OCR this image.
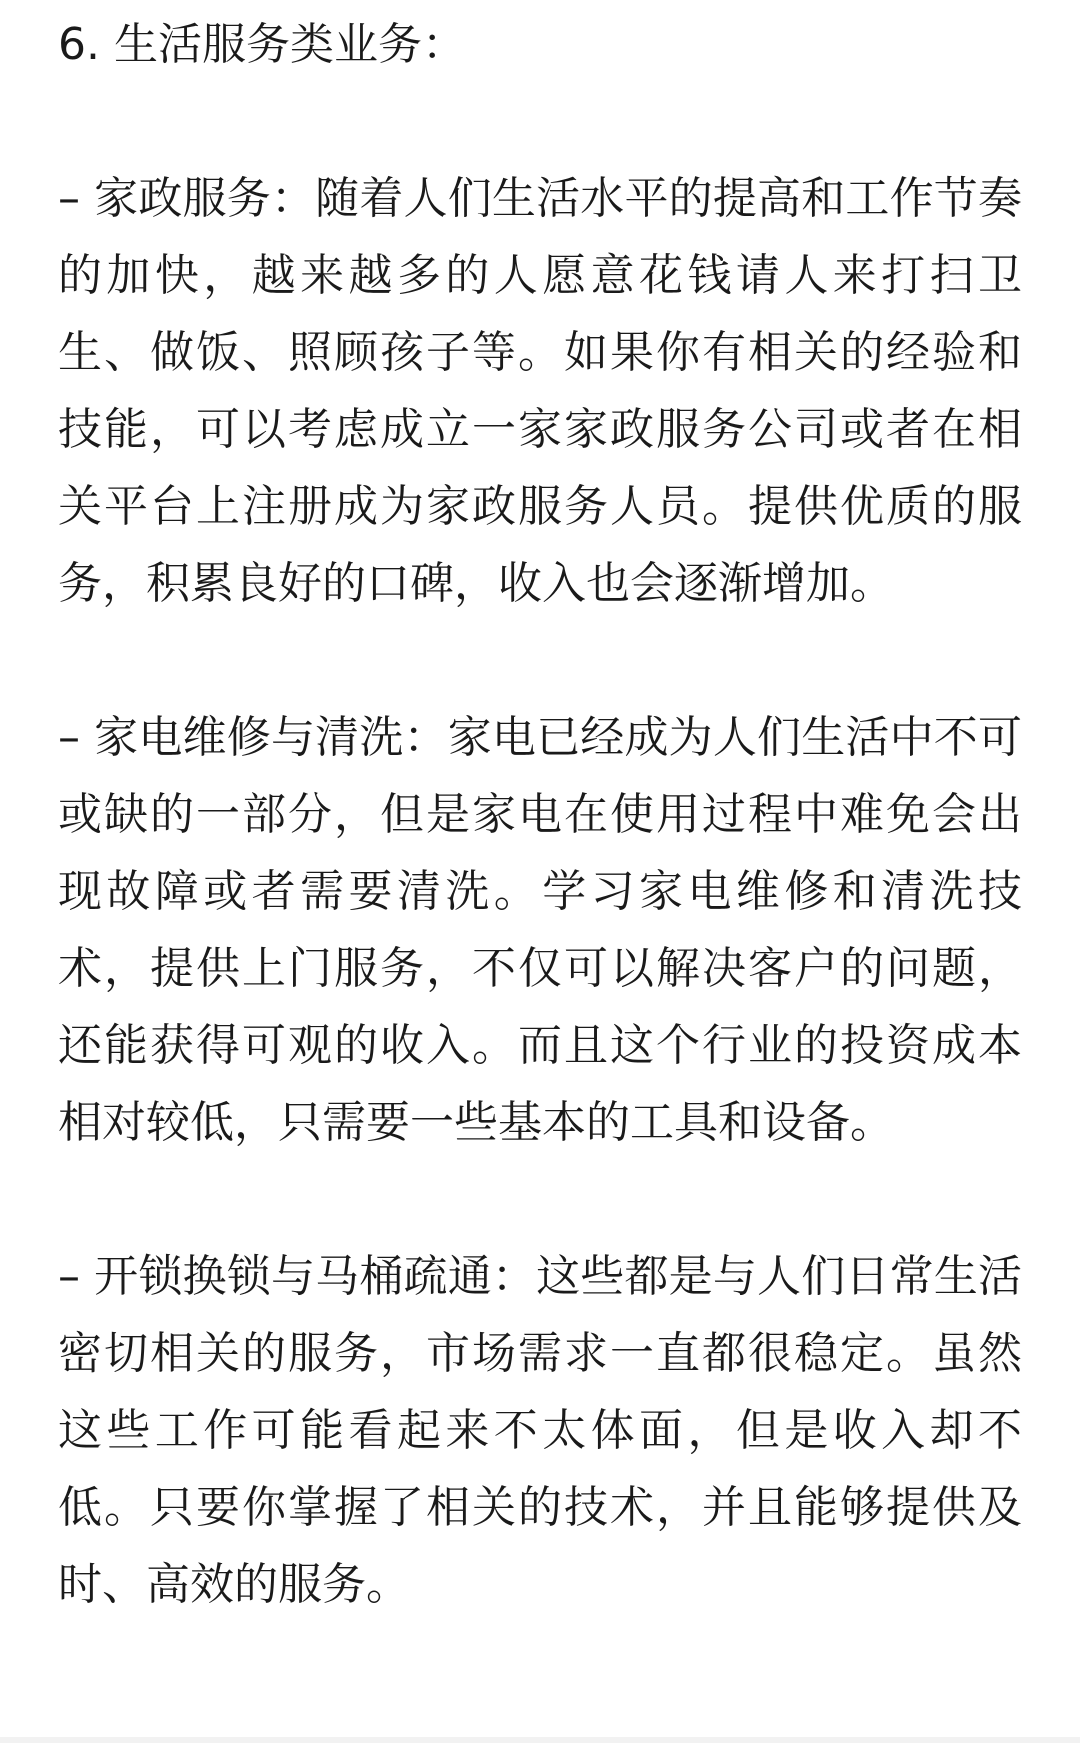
6. 生活服务类业务：

– 家政服务：随着人们生活水平的提高和工作节奏的加快，越来越多的人愿意花钱请人来打扫卫生、做饭、照顾孩子等。如果你有相关的经验和技能，可以考虑成立一家家政服务公司或者在相关平台上注册成为家政服务人员。提供优质的服务，积累良好的口碑，收入也会逐渐增加。

– 家电维修与清洗：家电已经成为人们生活中不可或缺的一部分，但是家电在使用过程中难免会出现故障或者需要清洗。学习家电维修和清洗技术，提供上门服务，不仅可以解决客户的问题，还能获得可观的收入。而且这个行业的投资成本相对较低，只需要一些基本的工具和设备。

– 开锁换锁与马桶疏通：这些都是与人们日常生活密切相关的服务，市场需求一直都很稳定。虽然这些工作可能看起来不太体面，但是收入却不低。只要你掌握了相关的技术，并且能够提供及时、高效的服务。
